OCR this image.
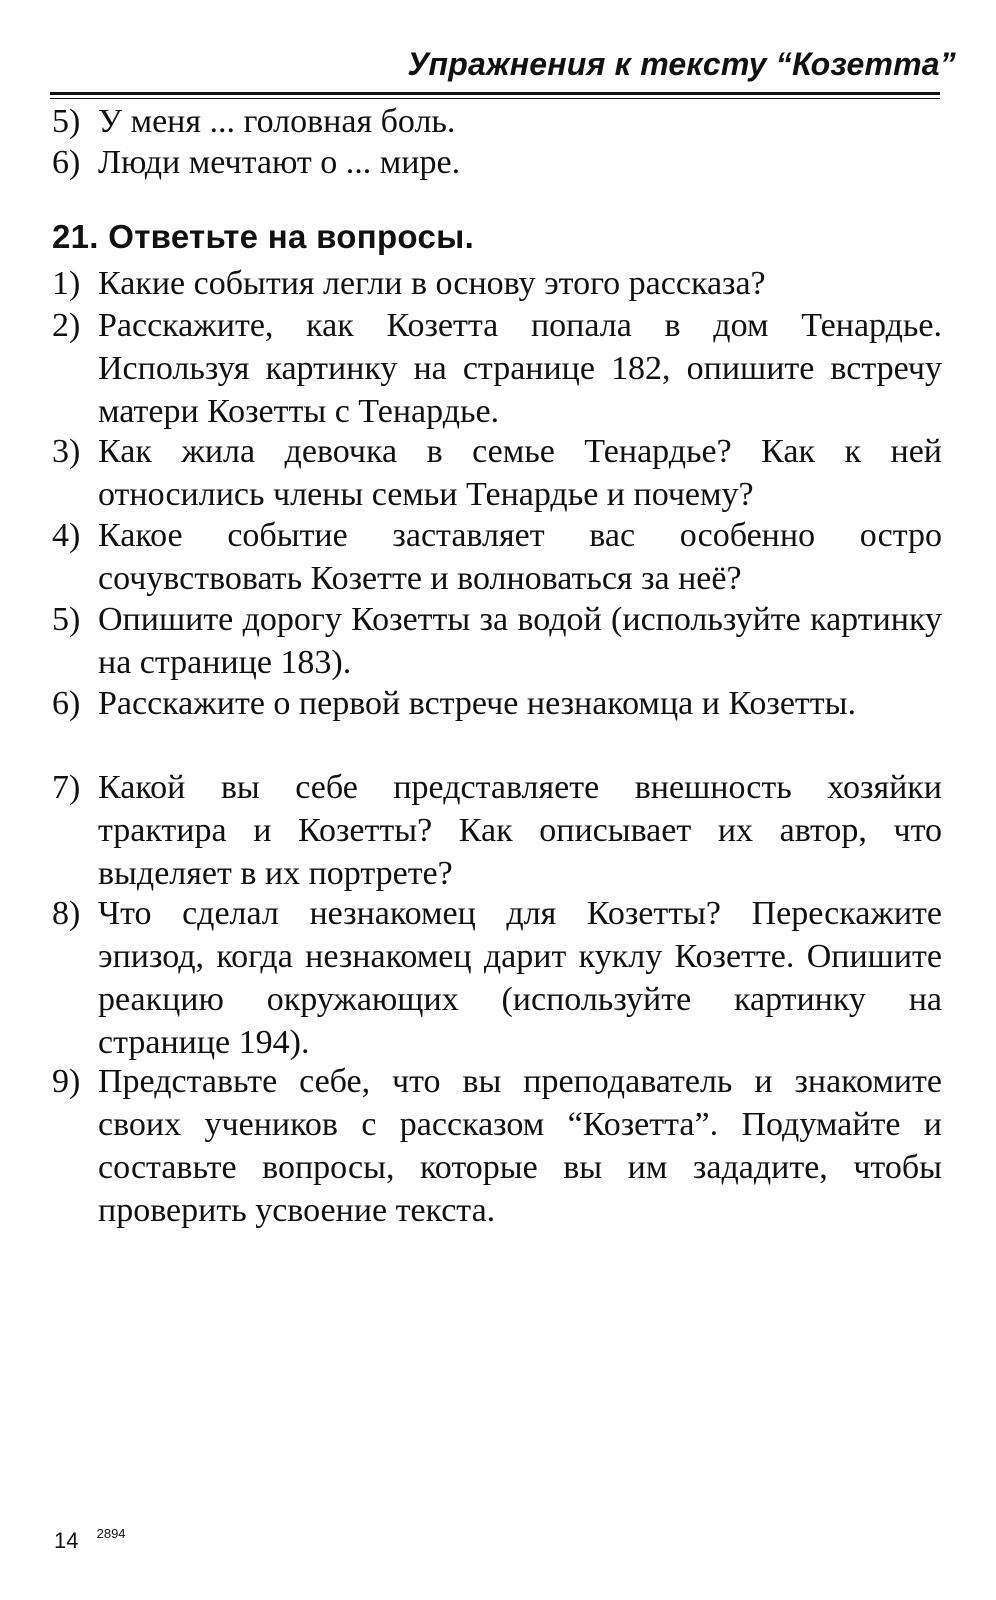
Упражнения к тексту “Козетта”
5) У меня ... головная боль.
6) Люди мечтают о ... мире.
21. Ответьте на вопросы.
1) Какие события легли в основу этого рассказа?
2) Расскажите, как Козетта попала в дом Тенардье. Используя картинку на странице 182, опишите встречу матери Козетты с Тенардье.
3) Как жила девочка в семье Тенардье? Как к ней относились члены семьи Тенардье и почему?
4) Какое событие заставляет вас особенно остро сочувствовать Козетте и волноваться за неё?
5) Опишите дорогу Козетты за водой (используйте картинку на странице 183).
6) Расскажите о первой встрече незнакомца и Козетты.
7) Какой вы себе представляете внешность хозяйки трактира и Козетты? Как описывает их автор, что выделяет в их портрете?
8) Что сделал незнакомец для Козетты? Перескажите эпизод, когда незнакомец дарит куклу Козетте. Опишите реакцию окружающих (используйте картинку на странице 194).
9) Представьте себе, что вы преподаватель и знакомите своих учеников с рассказом “Козетта”. Подумайте и составьте вопросы, которые вы им зададите, чтобы проверить усвоение текста.
14 $^{2894}$
